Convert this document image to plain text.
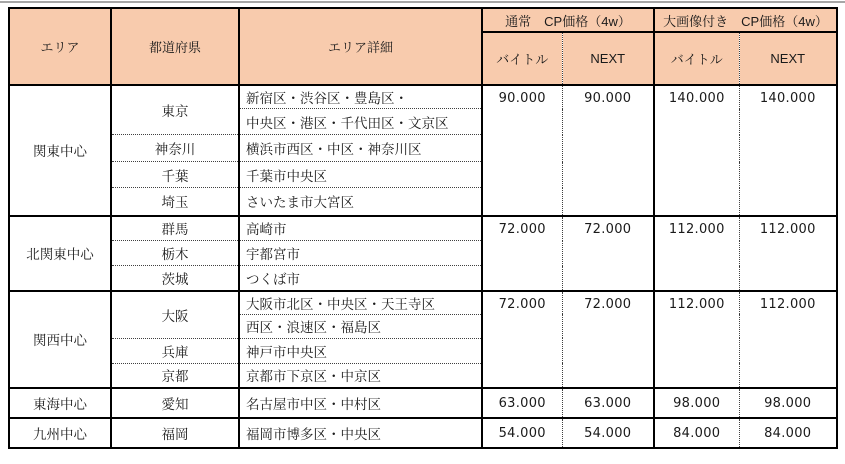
エリア	都道府県	エリア詳細	通常　CP価格（4w）		大画像付き　CP価格（4w）	
			バイトル	NEXT	バイトル	NEXT
関東中心	東京	新宿区・渋谷区・豊島区・	90.000	90.000	140.000	140.000
		中央区・港区・千代田区・文京区				
	神奈川	横浜市西区・中区・神奈川区				
	千葉	千葉市中央区				
	埼玉	さいたま市大宮区				
北関東中心	群馬	高崎市	72.000	72.000	112.000	112.000
	栃木	宇都宮市				
	茨城	つくば市				
関西中心	大阪	大阪市北区・中央区・天王寺区	72.000	72.000	112.000	112.000
		西区・浪速区・福島区				
	兵庫	神戸市中央区				
	京都	京都市下京区・中京区				
東海中心	愛知	名古屋市中区・中村区	63.000	63.000	98.000	98.000
九州中心	福岡	福岡市博多区・中央区	54.000	54.000	84.000	84.000
